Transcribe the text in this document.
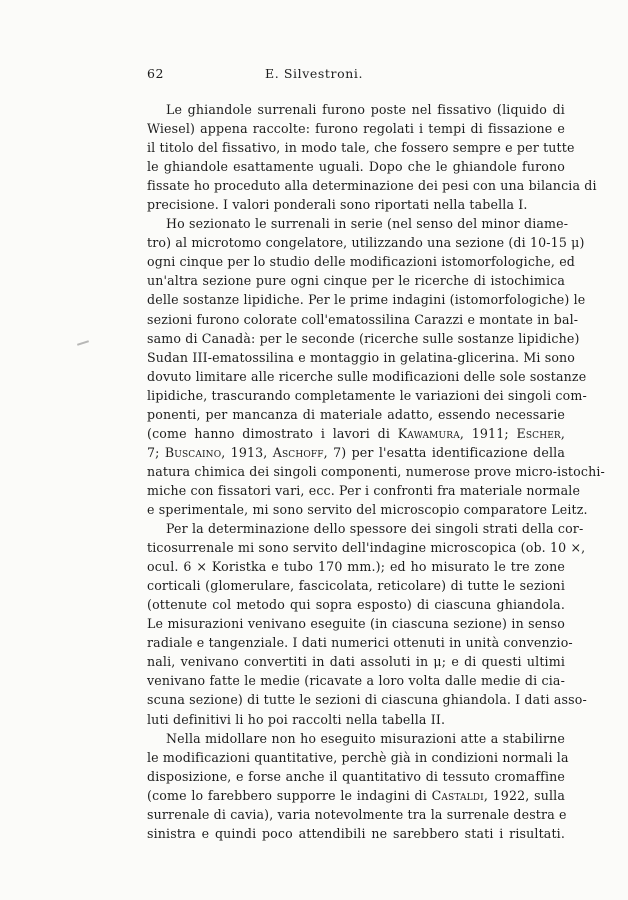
62	E. Silvestroni.
Le ghiandole surrenali furono poste nel fissativo (liquido di
Wiesel) appena raccolte: furono regolati i tempi di fissazione e
il titolo del fissativo, in modo tale, che fossero sempre e per tutte
le ghiandole esattamente uguali. Dopo che le ghiandole furono
fissate ho proceduto alla determinazione dei pesi con una bilancia di
precisione. I valori ponderali sono riportati nella tabella I.
Ho sezionato le surrenali in serie (nel senso del minor diame-
tro) al microtomo congelatore, utilizzando una sezione (di 10-15 μ)
ogni cinque per lo studio delle modificazioni istomorfologiche, ed
un'altra sezione pure ogni cinque per le ricerche di istochimica
delle sostanze lipidiche. Per le prime indagini (istomorfologiche) le
sezioni furono colorate coll'ematossilina Carazzi e montate in bal-
samo di Canadà: per le seconde (ricerche sulle sostanze lipidiche)
Sudan III-ematossilina e montaggio in gelatina-glicerina. Mi sono
dovuto limitare alle ricerche sulle modificazioni delle sole sostanze
lipidiche, trascurando completamente le variazioni dei singoli com-
ponenti, per mancanza di materiale adatto, essendo necessarie
(come hanno dimostrato i lavori di Kawamura, 1911; Escher,
7; Buscaino, 1913, Aschoff, 7) per l'esatta identificazione della
natura chimica dei singoli componenti, numerose prove micro-istochi-
miche con fissatori vari, ecc. Per i confronti fra materiale normale
e sperimentale, mi sono servito del microscopio comparatore Leitz.
Per la determinazione dello spessore dei singoli strati della cor-
ticosurrenale mi sono servito dell'indagine microscopica (ob. 10 ×,
ocul. 6 × Koristka e tubo 170 mm.); ed ho misurato le tre zone
corticali (glomerulare, fascicolata, reticolare) di tutte le sezioni
(ottenute col metodo qui sopra esposto) di ciascuna ghiandola.
Le misurazioni venivano eseguite (in ciascuna sezione) in senso
radiale e tangenziale. I dati numerici ottenuti in unità convenzio-
nali, venivano convertiti in dati assoluti in μ; e di questi ultimi
venivano fatte le medie (ricavate a loro volta dalle medie di cia-
scuna sezione) di tutte le sezioni di ciascuna ghiandola. I dati asso-
luti definitivi li ho poi raccolti nella tabella II.
Nella midollare non ho eseguito misurazioni atte a stabilirne
le modificazioni quantitative, perchè già in condizioni normali la
disposizione, e forse anche il quantitativo di tessuto cromaffine
(come lo farebbero supporre le indagini di Castaldi, 1922, sulla
surrenale di cavia), varia notevolmente tra la surrenale destra e
sinistra e quindi poco attendibili ne sarebbero stati i risultati.
